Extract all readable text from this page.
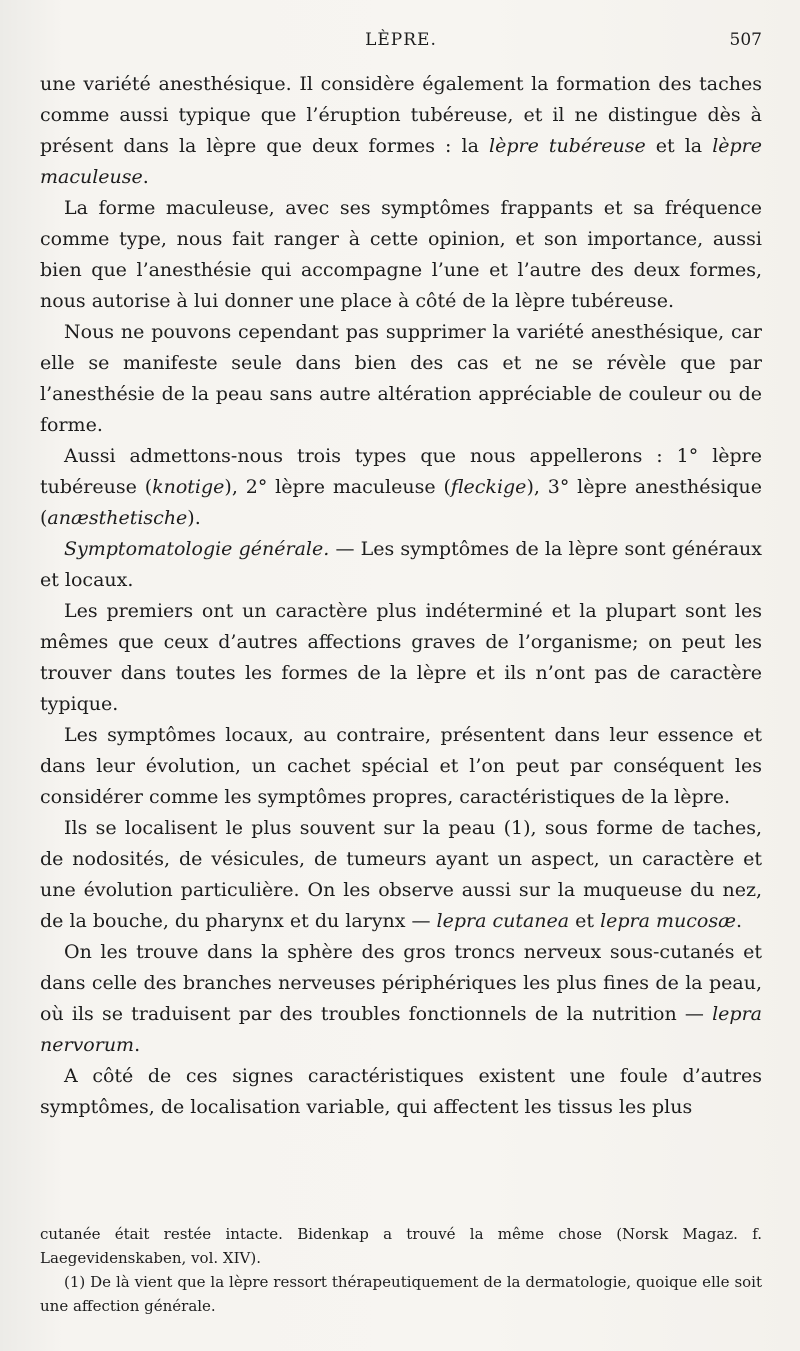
LÈPRE.	507

une variété anesthésique. Il considère également la formation des taches comme aussi typique que l’éruption tubéreuse, et il ne distingue dès à présent dans la lèpre que deux formes : la lèpre tubéreuse et la lèpre maculeuse.

La forme maculeuse, avec ses symptômes frappants et sa fréquence comme type, nous fait ranger à cette opinion, et son importance, aussi bien que l’anesthésie qui accompagne l’une et l’autre des deux formes, nous autorise à lui donner une place à côté de la lèpre tubéreuse.

Nous ne pouvons cependant pas supprimer la variété anesthésique, car elle se manifeste seule dans bien des cas et ne se révèle que par l’anesthésie de la peau sans autre altération appréciable de couleur ou de forme.

Aussi admettons-nous trois types que nous appellerons : 1° lèpre tubéreuse (knotige), 2° lèpre maculeuse (fleckige), 3° lèpre anesthésique (anæsthetische).

Symptomatologie générale. — Les symptômes de la lèpre sont généraux et locaux.

Les premiers ont un caractère plus indéterminé et la plupart sont les mêmes que ceux d’autres affections graves de l’organisme; on peut les trouver dans toutes les formes de la lèpre et ils n’ont pas de caractère typique.

Les symptômes locaux, au contraire, présentent dans leur essence et dans leur évolution, un cachet spécial et l’on peut par conséquent les considérer comme les symptômes propres, caractéristiques de la lèpre.

Ils se localisent le plus souvent sur la peau (1), sous forme de taches, de nodosités, de vésicules, de tumeurs ayant un aspect, un caractère et une évolution particulière. On les observe aussi sur la muqueuse du nez, de la bouche, du pharynx et du larynx — lepra cutanea et lepra mucosæ.

On les trouve dans la sphère des gros troncs nerveux sous-cutanés et dans celle des branches nerveuses périphériques les plus fines de la peau, où ils se traduisent par des troubles fonctionnels de la nutrition — lepra nervorum.

A côté de ces signes caractéristiques existent une foule d’autres symptômes, de localisation variable, qui affectent les tissus les plus

cutanée était restée intacte. Bidenkap a trouvé la même chose (Norsk Magaz. f. Laegevidenskaben, vol. XIV).

(1) De là vient que la lèpre ressort thérapeutiquement de la dermatologie, quoique elle soit une affection générale.
